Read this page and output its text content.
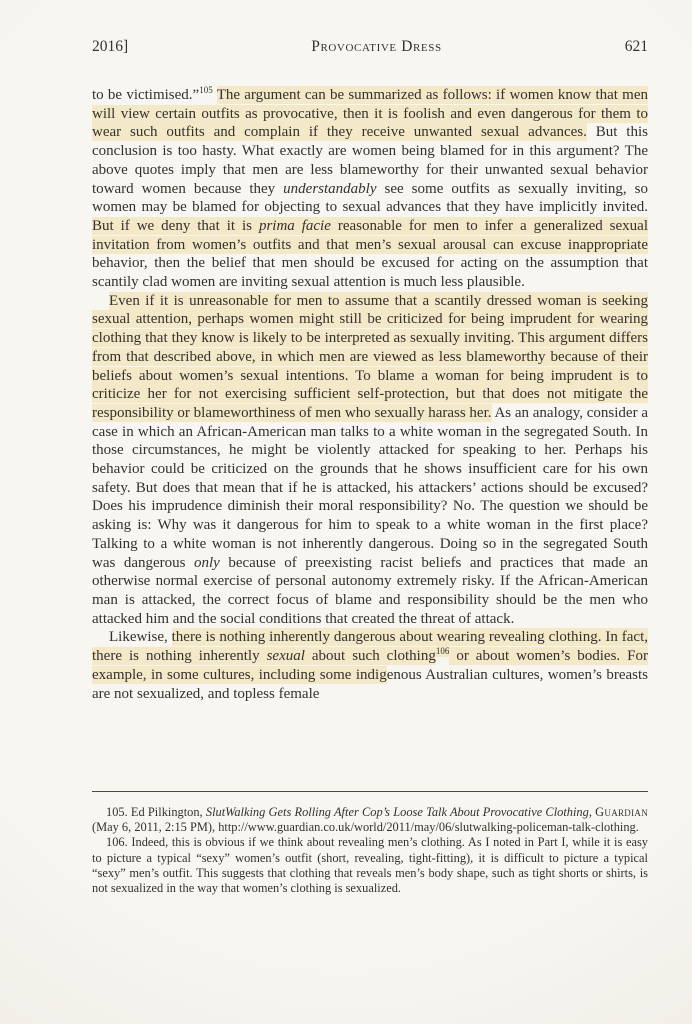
2016]	Provocative Dress	621

to be victimised.”$^{105}$ The argument can be summarized as follows: if women know that men will view certain outfits as provocative, then it is foolish and even dangerous for them to wear such outfits and complain if they receive unwanted sexual advances. But this conclusion is too hasty. What exactly are women being blamed for in this argument? The above quotes imply that men are less blameworthy for their unwanted sexual behavior toward women because they understandably see some outfits as sexually inviting, so women may be blamed for objecting to sexual advances that they have implicitly invited. But if we deny that it is prima facie reasonable for men to infer a generalized sexual invitation from women’s outfits and that men’s sexual arousal can excuse inappropriate behavior, then the belief that men should be excused for acting on the assumption that scantily clad women are inviting sexual attention is much less plausible.

Even if it is unreasonable for men to assume that a scantily dressed woman is seeking sexual attention, perhaps women might still be criticized for being imprudent for wearing clothing that they know is likely to be interpreted as sexually inviting. This argument differs from that described above, in which men are viewed as less blameworthy because of their beliefs about women’s sexual intentions. To blame a woman for being imprudent is to criticize her for not exercising sufficient self-protection, but that does not mitigate the responsibility or blameworthiness of men who sexually harass her. As an analogy, consider a case in which an African-American man talks to a white woman in the segregated South. In those circumstances, he might be violently attacked for speaking to her. Perhaps his behavior could be criticized on the grounds that he shows insufficient care for his own safety. But does that mean that if he is attacked, his attackers’ actions should be excused? Does his imprudence diminish their moral responsibility? No. The question we should be asking is: Why was it dangerous for him to speak to a white woman in the first place? Talking to a white woman is not inherently dangerous. Doing so in the segregated South was dangerous only because of preexisting racist beliefs and practices that made an otherwise normal exercise of personal autonomy extremely risky. If the African-American man is attacked, the correct focus of blame and responsibility should be the men who attacked him and the social conditions that created the threat of attack.

Likewise, there is nothing inherently dangerous about wearing revealing clothing. In fact, there is nothing inherently sexual about such clothing$^{106}$ or about women’s bodies. For example, in some cultures, including some indigenous Australian cultures, women’s breasts are not sexualized, and topless female

105. Ed Pilkington, SlutWalking Gets Rolling After Cop’s Loose Talk About Provocative Clothing, Guardian (May 6, 2011, 2:15 PM), http://www.guardian.co.uk/world/2011/may/06/slutwalking-policeman-talk-clothing.

106. Indeed, this is obvious if we think about revealing men’s clothing. As I noted in Part I, while it is easy to picture a typical “sexy” women’s outfit (short, revealing, tight-fitting), it is difficult to picture a typical “sexy” men’s outfit. This suggests that clothing that reveals men’s body shape, such as tight shorts or shirts, is not sexualized in the way that women’s clothing is sexualized.
